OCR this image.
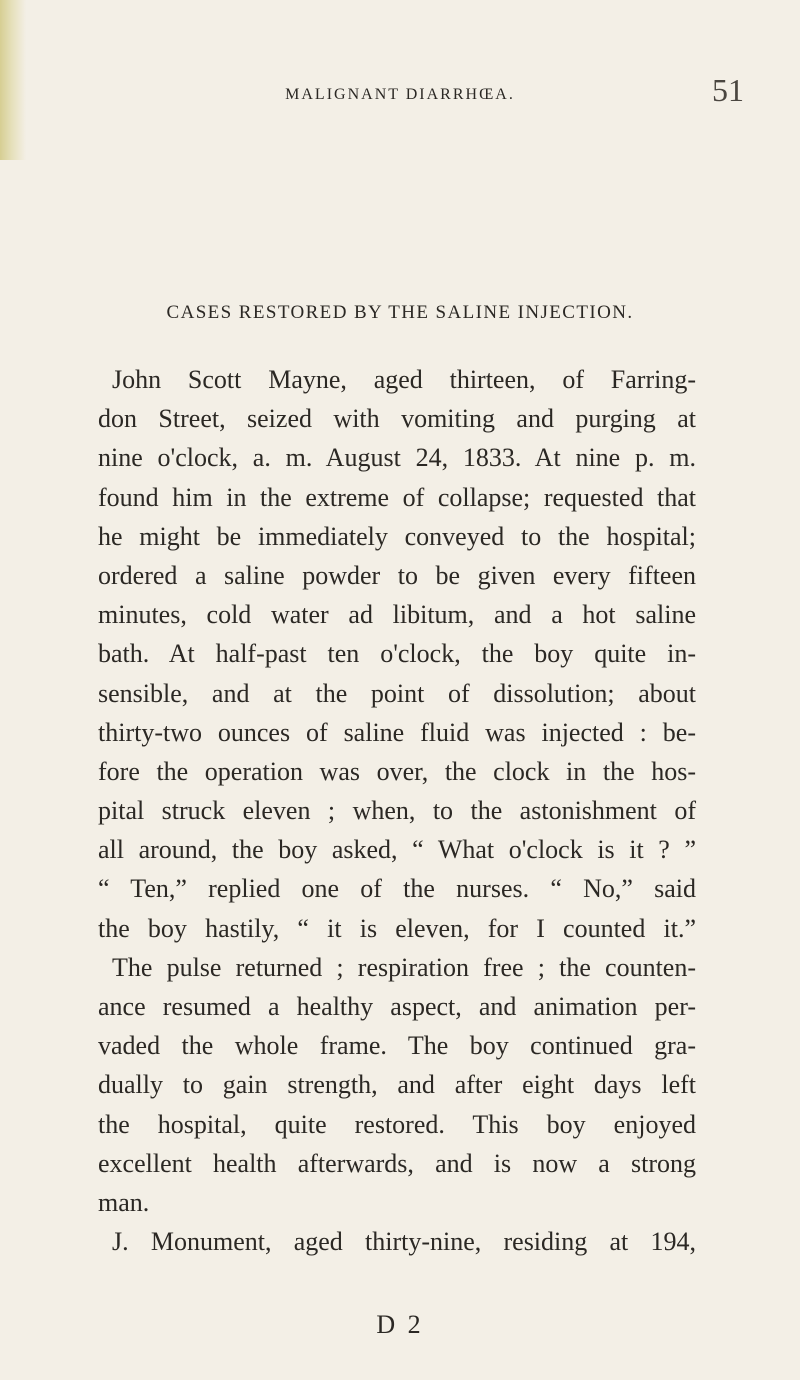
MALIGNANT DIARRHŒA.	51
CASES RESTORED BY THE SALINE INJECTION.
John Scott Mayne, aged thirteen, of Farring-
don Street, seized with vomiting and purging at
nine o'clock, a. m. August 24, 1833. At nine p. m.
found him in the extreme of collapse; requested that
he might be immediately conveyed to the hospital;
ordered a saline powder to be given every fifteen
minutes, cold water ad libitum, and a hot saline
bath. At half-past ten o'clock, the boy quite in-
sensible, and at the point of dissolution; about
thirty-two ounces of saline fluid was injected : be-
fore the operation was over, the clock in the hos-
pital struck eleven ; when, to the astonishment of
all around, the boy asked, “ What o'clock is it ? ”
“ Ten,” replied one of the nurses. “ No,” said
the boy hastily, “ it is eleven, for I counted it.”
The pulse returned ; respiration free ; the counten-
ance resumed a healthy aspect, and animation per-
vaded the whole frame. The boy continued gra-
dually to gain strength, and after eight days left
the hospital, quite restored. This boy enjoyed
excellent health afterwards, and is now a strong
man.
J. Monument, aged thirty-nine, residing at 194,
D 2
